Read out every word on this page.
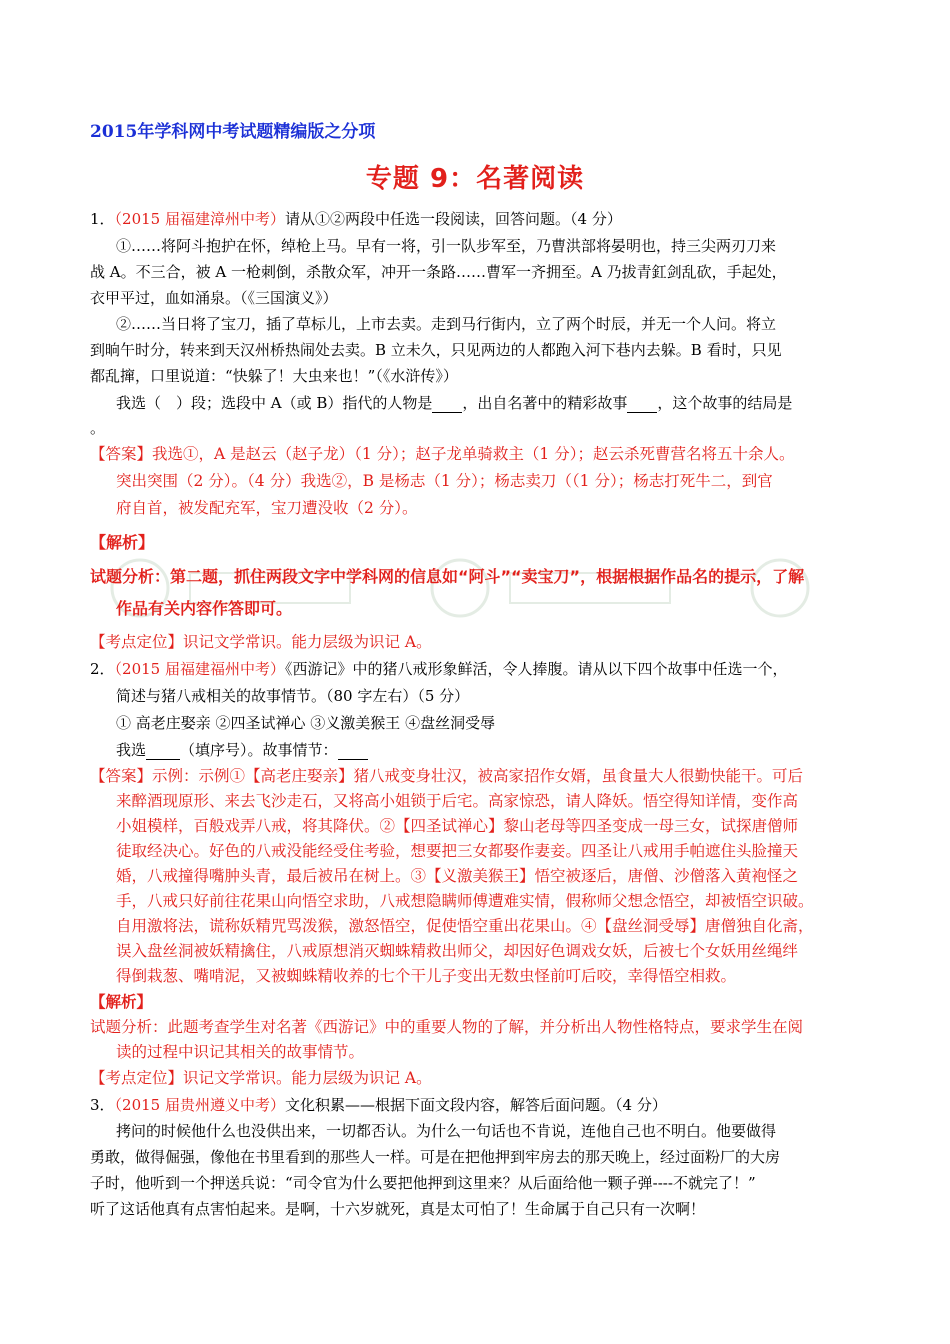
2015年学科网中考试题精编版之分项
专题 9：名著阅读
1．（2015 届福建漳州中考）请从①②两段中任选一段阅读，回答问题。（4 分）
①……将阿斗抱护在怀，绰枪上马。早有一将，引一队步军至，乃曹洪部将晏明也，持三尖两刃刀来
战 A。不三合，被 A 一枪刺倒，杀散众军，冲开一条路……曹军一齐拥至。A 乃拔青釭剑乱砍，手起处，
衣甲平过，血如涌泉。（《三国演义》）
②……当日将了宝刀，插了草标儿，上市去卖。走到马行街内，立了两个时辰，并无一个人问。将立
到晌午时分，转来到天汉州桥热闹处去卖。B 立未久，只见两边的人都跑入河下巷内去躲。B 看时，只见
都乱撺，口里说道：“快躲了！大虫来也！”（《水浒传》）
我选（　）段；选段中 A（或 B）指代的人物是 ，出自名著中的精彩故事 ，这个故事的结局是
。
【答案】我选①，A 是赵云（赵子龙）（1 分）；赵子龙单骑救主（1 分）；赵云杀死曹营名将五十余人。
突出突围（2 分）。（4 分）我选②，B 是杨志（1 分）；杨志卖刀（（1 分）；杨志打死牛二，到官
府自首，被发配充军，宝刀遭没收（2 分）。
【解析】
试题分析：第二题，抓住两段文字中学科网的信息如“阿斗”“卖宝刀”，根据根据作品名的提示，了解
作品有关内容作答即可。
【考点定位】识记文学常识。能力层级为识记 A。
2．（2015 届福建福州中考）《西游记》中的猪八戒形象鲜活，令人捧腹。请从以下四个故事中任选一个，
简述与猪八戒相关的故事情节。（80 字左右）（5 分）
① 高老庄娶亲 ②四圣试禅心 ③义激美猴王 ④盘丝洞受辱
我选 （填序号）。故事情节：
【答案】示例：示例①【高老庄娶亲】猪八戒变身壮汉，被高家招作女婿，虽食量大人很勤快能干。可后
来醉酒现原形、来去飞沙走石，又将高小姐锁于后宅。高家惊恐，请人降妖。悟空得知详情，变作高
小姐模样，百般戏弄八戒，将其降伏。②【四圣试禅心】黎山老母等四圣变成一母三女，试探唐僧师
徒取经决心。好色的八戒没能经受住考验，想要把三女都娶作妻妾。四圣让八戒用手帕遮住头脸撞天
婚，八戒撞得嘴肿头青，最后被吊在树上。③【义激美猴王】悟空被逐后，唐僧、沙僧落入黄袍怪之
手，八戒只好前往花果山向悟空求助，八戒想隐瞒师傅遭难实情，假称师父想念悟空，却被悟空识破。
自用激将法，谎称妖精咒骂泼猴，激怒悟空，促使悟空重出花果山。④【盘丝洞受辱】唐僧独自化斋，
误入盘丝洞被妖精擒住，八戒原想消灭蜘蛛精救出师父，却因好色调戏女妖，后被七个女妖用丝绳绊
得倒栽葱、嘴啃泥，又被蜘蛛精收养的七个干儿子变出无数虫怪前叮后咬，幸得悟空相救。
【解析】
试题分析：此题考查学生对名著《西游记》中的重要人物的了解，并分析出人物性格特点，要求学生在阅
读的过程中识记其相关的故事情节。
【考点定位】识记文学常识。能力层级为识记 A。
3．（2015 届贵州遵义中考）文化积累——根据下面文段内容，解答后面问题。（4 分）
拷问的时候他什么也没供出来，一切都否认。为什么一句话也不肯说，连他自己也不明白。他要做得
勇敢，做得倔强，像他在书里看到的那些人一样。可是在把他押到牢房去的那天晚上，经过面粉厂的大房
子时，他听到一个押送兵说：“司令官为什么要把他押到这里来？从后面给他一颗子弹----不就完了！”
听了这话他真有点害怕起来。是啊，十六岁就死，真是太可怕了！生命属于自己只有一次啊！
